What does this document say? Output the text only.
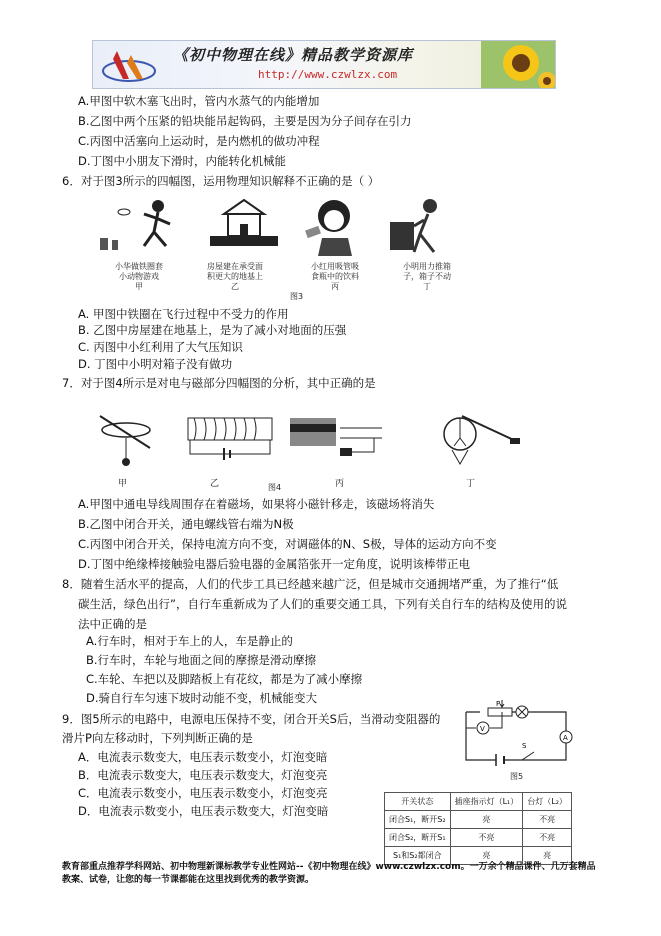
《初中物理在线》精品教学资源库
http://www.czwlzx.com
A.甲图中软木塞飞出时，管内水蒸气的内能增加
B.乙图中两个压紧的铅块能吊起钩码，主要是因为分子间存在引力
C.丙图中活塞向上运动时，是内燃机的做功冲程
D.丁图中小朋友下滑时，内能转化机械能
6．对于图3所示的四幅图，运用物理知识解释不正确的是（ ）
小华做铁圈套
小动物游戏
甲
房屋建在承受面
积更大的地基上
乙
小红用吸管吸
食瓶中的饮料
丙
小明用力推箱
子，箱子不动
丁
图3
A. 甲图中铁圈在飞行过程中不受力的作用
B. 乙图中房屋建在地基上，是为了减小对地面的压强
C. 丙图中小红利用了大气压知识
D. 丁图中小明对箱子没有做功
7．对于图4所示是对电与磁部分四幅图的分析，其中正确的是
甲	乙	丙	丁
图4
A.甲图中通电导线周围存在着磁场，如果将小磁针移走，该磁场将消失
B.乙图中闭合开关，通电螺线管右端为N极
C.丙图中闭合开关，保持电流方向不变，对调磁体的N、S极，导体的运动方向不变
D.丁图中绝缘棒接触验电器后验电器的金属箔张开一定角度，说明该棒带正电
8．随着生活水平的提高，人们的代步工具已经越来越广泛，但是城市交通拥堵严重，为了推行“低
碳生活，绿色出行”，自行车重新成为了人们的重要交通工具，下列有关自行车的结构及使用的说
法中正确的是
A.行车时，相对于车上的人，车是静止的
B.行车时，车轮与地面之间的摩擦是滑动摩擦
C.车轮、车把以及脚踏板上有花纹，都是为了减小摩擦
D.骑自行车匀速下坡时动能不变，机械能变大
9．图5所示的电路中，电源电压保持不变，闭合开关S后，当滑动变阻器的
滑片P向左移动时，下列判断正确的是
A．电流表示数变大，电压表示数变小，灯泡变暗
B．电流表示数变大，电压表示数变大，灯泡变亮
C．电流表示数变小，电压表示数变小，灯泡变亮
D．电流表示数变小，电压表示数变大，灯泡变暗
P
V
A
S
图5
开关状态	插座指示灯（L₁）	台灯（L₂）
闭合S₁，断开S₂	亮	不亮
闭合S₂，断开S₁	不亮	不亮
S₁和S₂都闭合	亮	亮
教育部重点推荐学科网站、初中物理新课标教学专业性网站--《初中物理在线》www.czwlzx.com。一万余个精品课件、几万套精品教案、试卷，让您的每一节课都能在这里找到优秀的教学资源。
